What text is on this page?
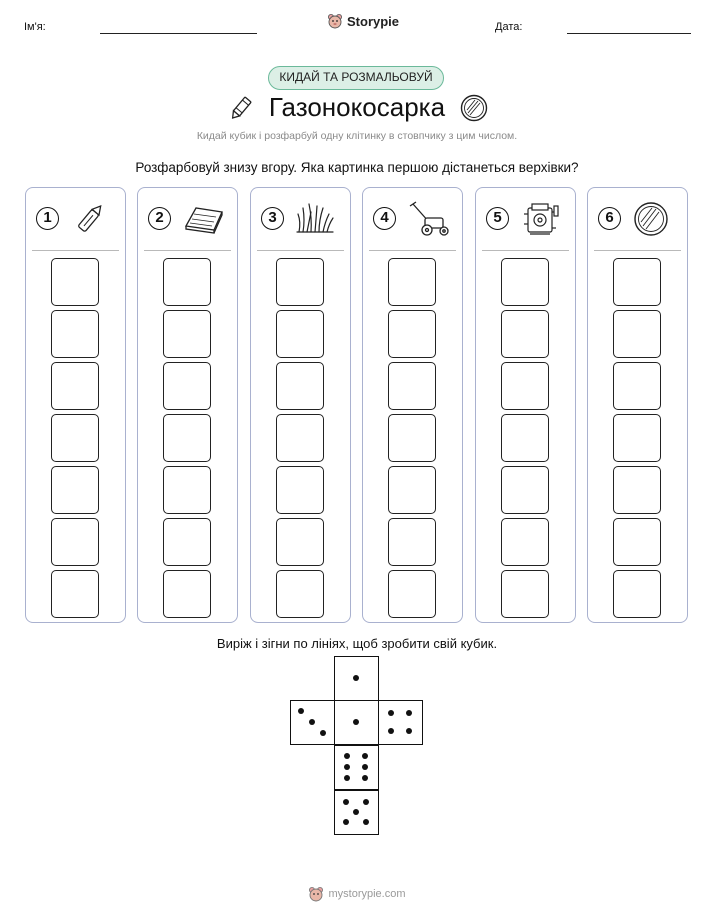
Ім'я:	Storypie	Дата:
КИДАЙ ТА РОЗМАЛЬОВУЙ
Газонокосарка
Кидай кубик і розфарбуй одну клітинку в стовпчику з цим числом.
Розфарбовуй знизу вгору. Яка картинка першою дістанеться верхівки?
1	2	3	4	5	6
Виріж і зігни по лініях, щоб зробити свій кубик.
mystorypie.com
